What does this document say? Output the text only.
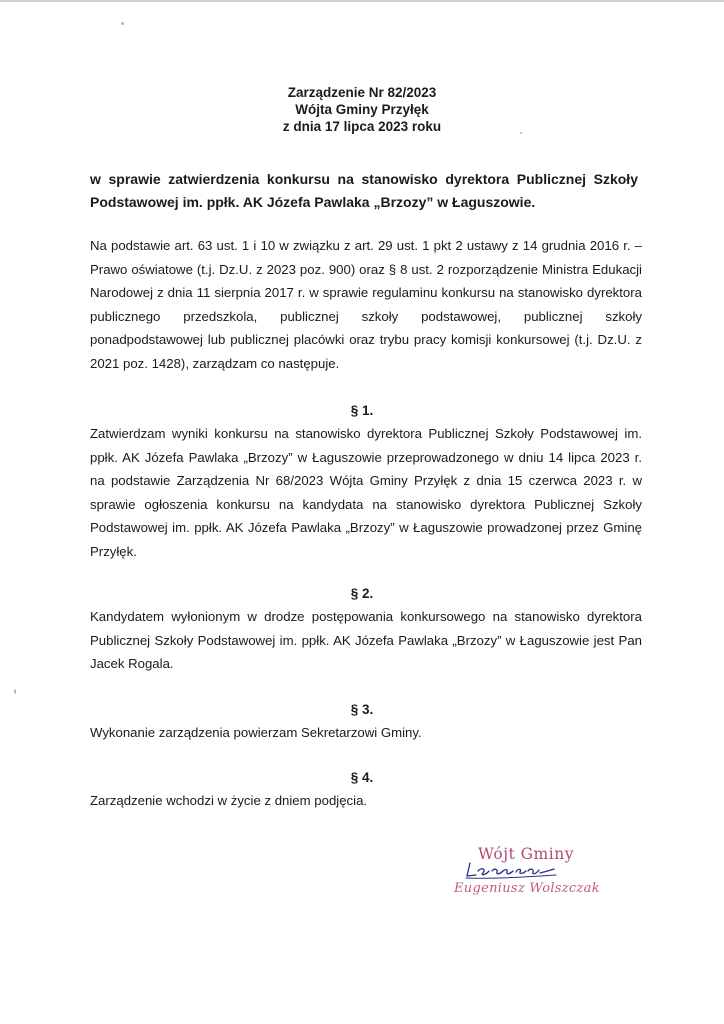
Zarządzenie Nr 82/2023
Wójta Gminy Przyłęk
z dnia 17 lipca 2023 roku
w sprawie zatwierdzenia konkursu na stanowisko dyrektora Publicznej Szkoły Podstawowej im. ppłk. AK Józefa Pawlaka „Brzozy” w Łaguszowie.

Na podstawie art. 63 ust. 1 i 10 w związku z art. 29 ust. 1 pkt 2 ustawy z 14 grudnia 2016 r. – Prawo oświatowe (t.j. Dz.U. z 2023 poz. 900) oraz § 8 ust. 2 rozporządzenie Ministra Edukacji Narodowej z dnia 11 sierpnia 2017 r. w sprawie regulaminu konkursu na stanowisko dyrektora publicznego przedszkola, publicznej szkoły podstawowej, publicznej szkoły ponadpodstawowej lub publicznej placówki oraz trybu pracy komisji konkursowej (t.j. Dz.U. z 2021 poz. 1428), zarządzam co następuje.

§ 1.

Zatwierdzam wyniki konkursu na stanowisko dyrektora Publicznej Szkoły Podstawowej im. ppłk. AK Józefa Pawlaka „Brzozy” w Łaguszowie przeprowadzonego w dniu 14 lipca 2023 r. na podstawie Zarządzenia Nr 68/2023 Wójta Gminy Przyłęk z dnia 15 czerwca 2023 r. w sprawie ogłoszenia konkursu na kandydata na stanowisko dyrektora Publicznej Szkoły Podstawowej im. ppłk. AK Józefa Pawlaka „Brzozy” w Łaguszowie prowadzonej przez Gminę Przyłęk.

§ 2.

Kandydatem wyłonionym w drodze postępowania konkursowego na stanowisko dyrektora Publicznej Szkoły Podstawowej im. ppłk. AK Józefa Pawlaka „Brzozy” w Łaguszowie jest Pan Jacek Rogala.

§ 3.

Wykonanie zarządzenia powierzam Sekretarzowi Gminy.

§ 4.

Zarządzenie wchodzi w życie z dniem podjęcia.

Wójt Gminy
Eugeniusz Wolszczak
